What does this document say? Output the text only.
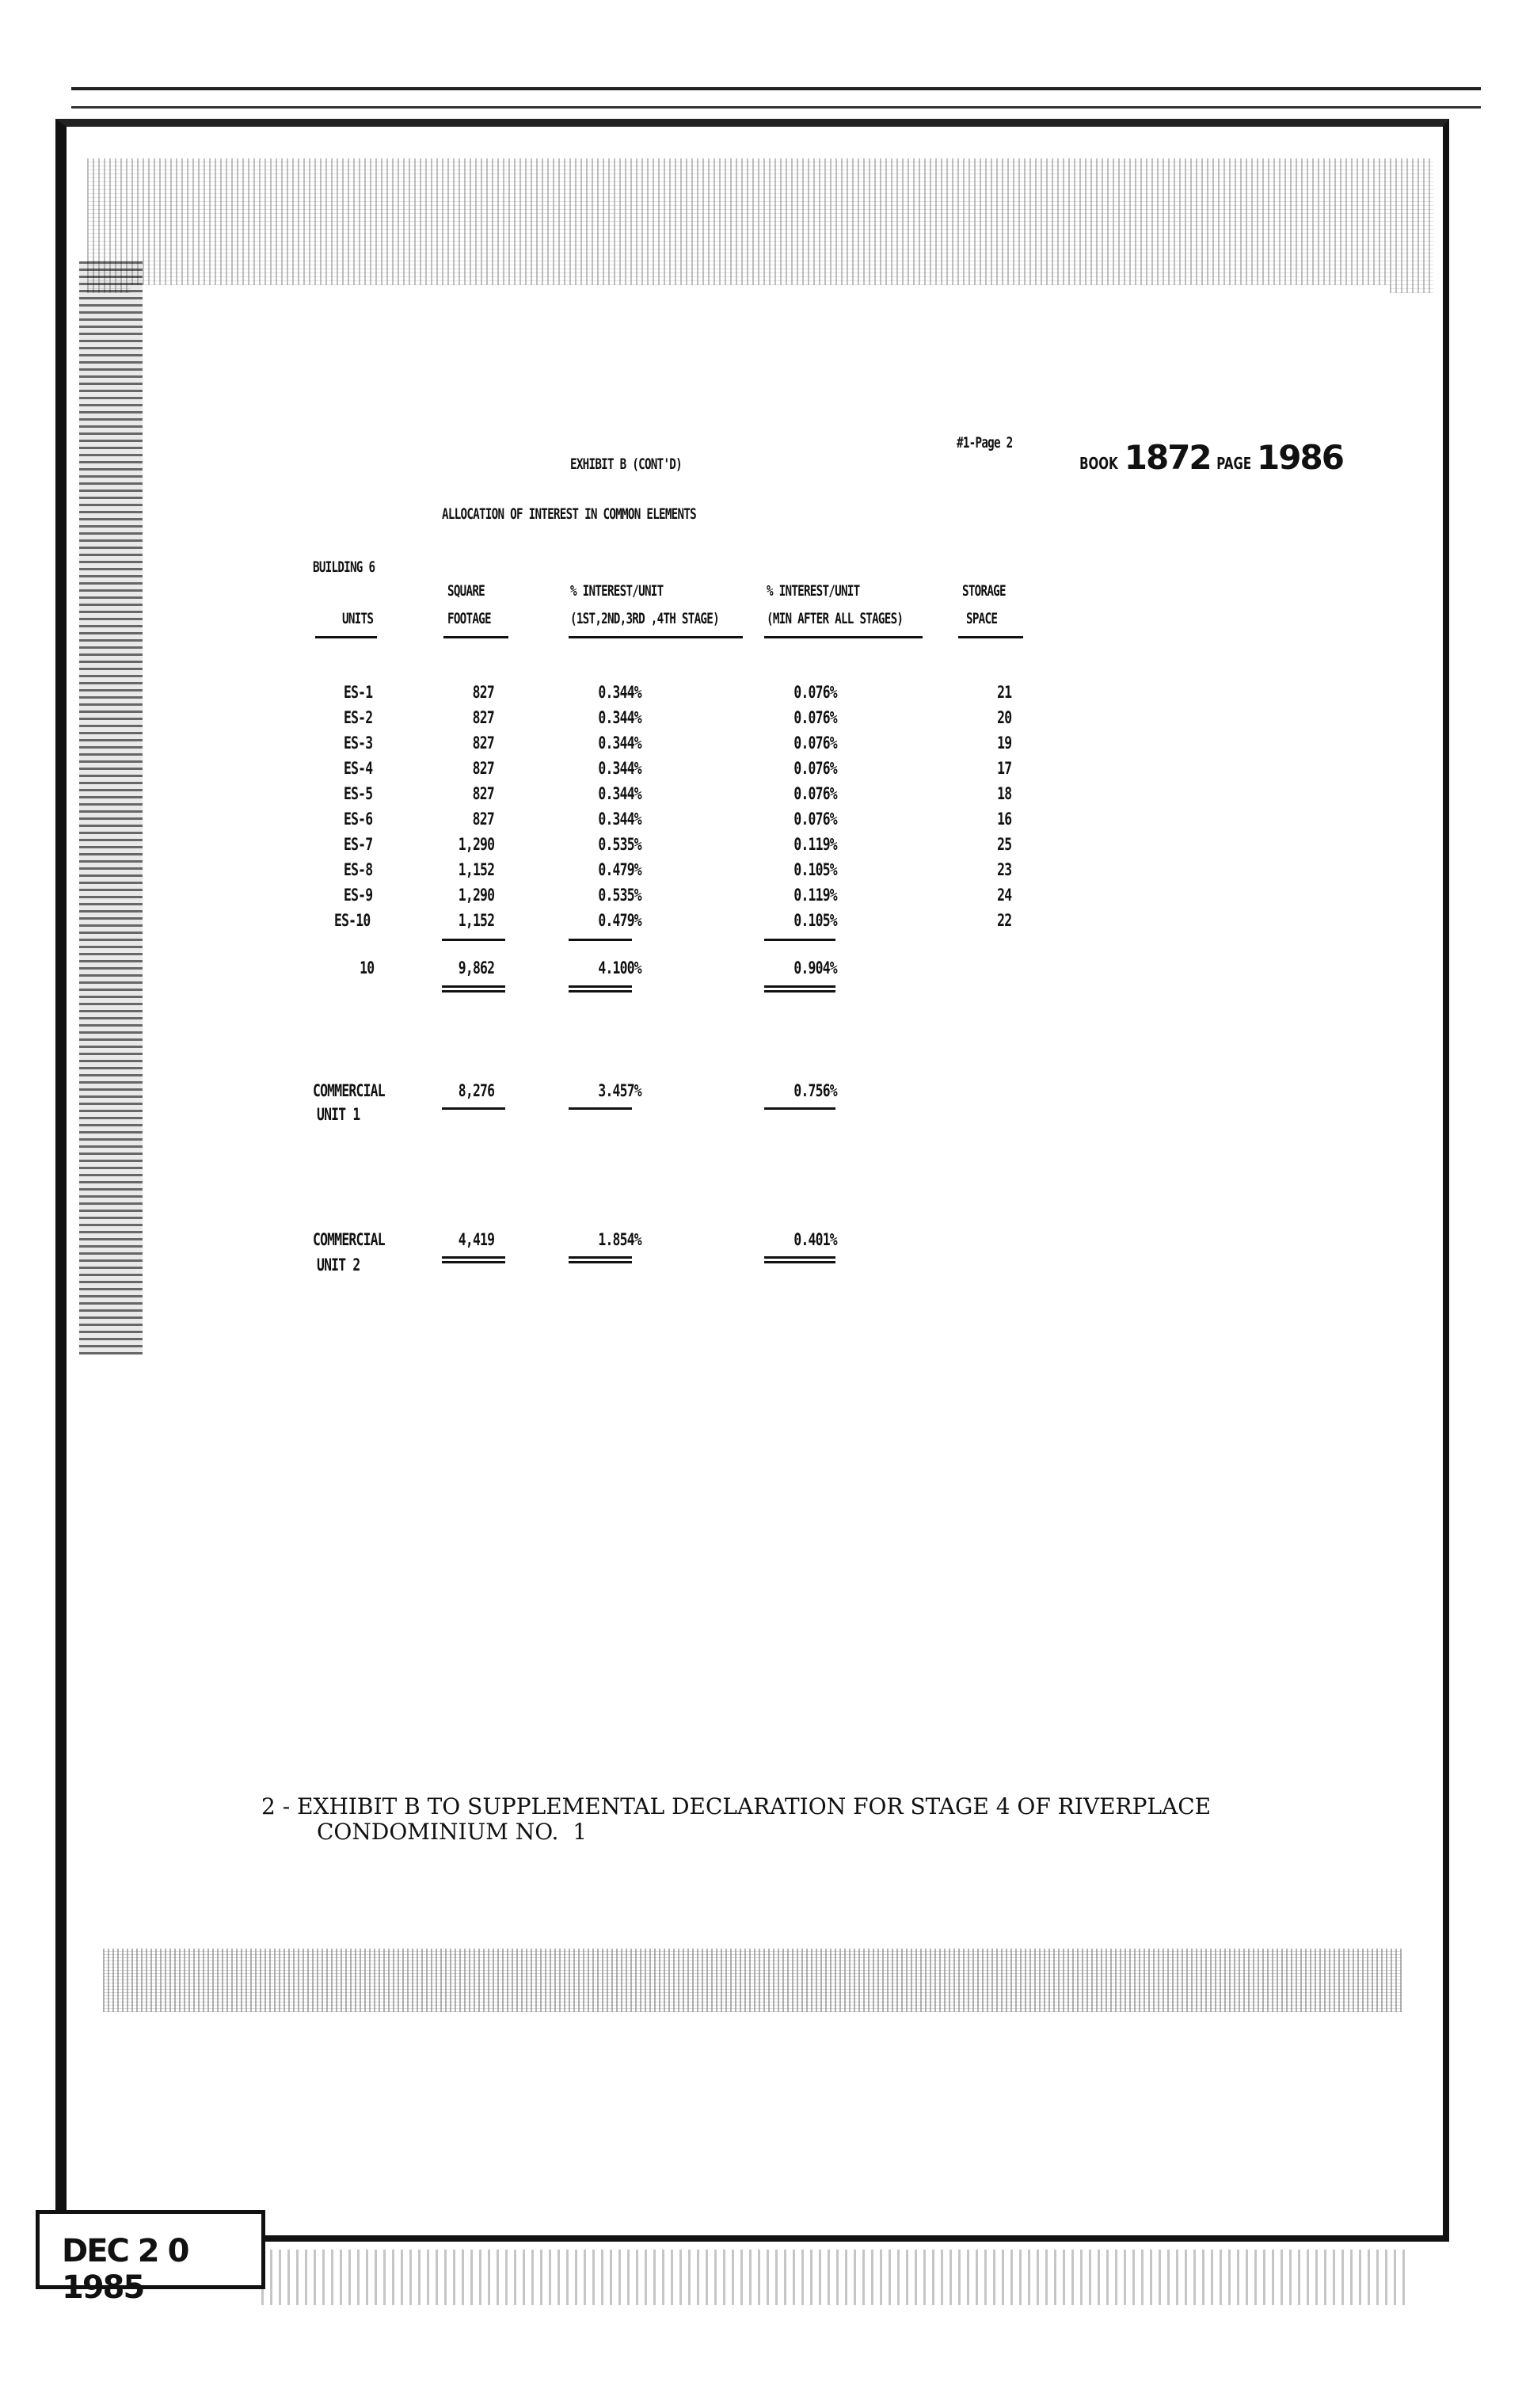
#1-Page 2
BOOK 1872 PAGE 1986
EXHIBIT B (CONT'D)
ALLOCATION OF INTEREST IN COMMON ELEMENTS
BUILDING 6
SQUARE	% INTEREST/UNIT	% INTEREST/UNIT	STORAGE
UNITS	FOOTAGE	(1ST,2ND,3RD ,4TH STAGE)	(MIN AFTER ALL STAGES)	SPACE
ES-1	827	0.344%	0.076%	21
ES-2	827	0.344%	0.076%	20
ES-3	827	0.344%	0.076%	19
ES-4	827	0.344%	0.076%	17
ES-5	827	0.344%	0.076%	18
ES-6	827	0.344%	0.076%	16
ES-7	1,290	0.535%	0.119%	25
ES-8	1,152	0.479%	0.105%	23
ES-9	1,290	0.535%	0.119%	24
ES-10	1,152	0.479%	0.105%	22
10	9,862	4.100%	0.904%
COMMERCIAL
UNIT 1
8,276	3.457%	0.756%
COMMERCIAL
UNIT 2
4,419	1.854%	0.401%
2 - EXHIBIT B TO SUPPLEMENTAL DECLARATION FOR STAGE 4 OF RIVERPLACE
CONDOMINIUM NO.  1
DEC 2 0 1985
